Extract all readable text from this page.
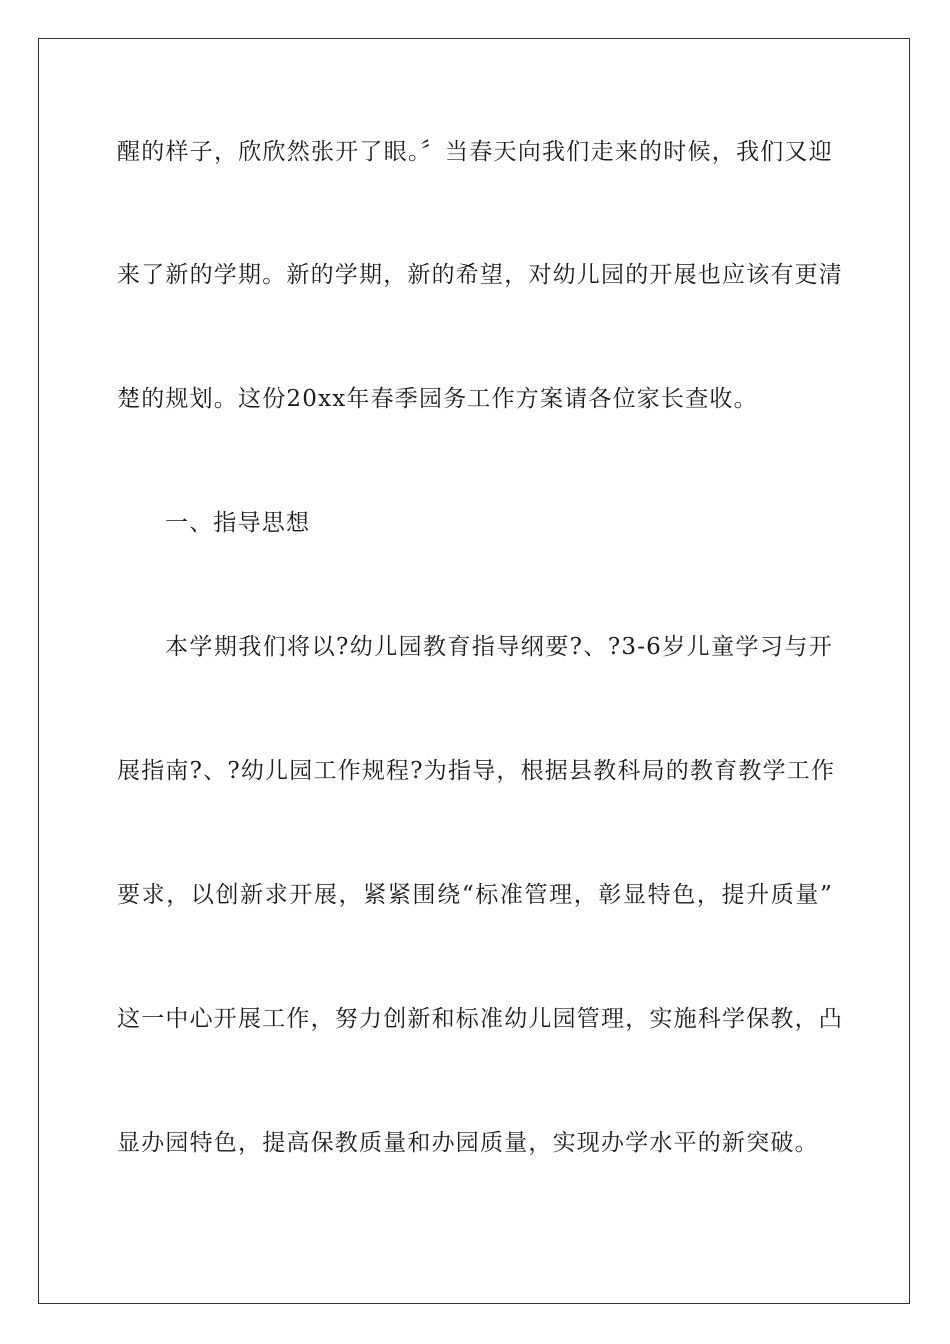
醒的样子，欣欣然张开了眼。〞当春天向我们走来的时候，我们又迎
来了新的学期。新的学期，新的希望，对幼儿园的开展也应该有更清
楚的规划。这份20xx年春季园务工作方案请各位家长查收。
一、指导思想
本学期我们将以?幼儿园教育指导纲要?、?3-6岁儿童学习与开
展指南?、?幼儿园工作规程?为指导，根据县教科局的教育教学工作
要求，以创新求开展，紧紧围绕“标准管理，彰显特色，提升质量”
这一中心开展工作，努力创新和标准幼儿园管理，实施科学保教，凸
显办园特色，提高保教质量和办园质量，实现办学水平的新突破。
